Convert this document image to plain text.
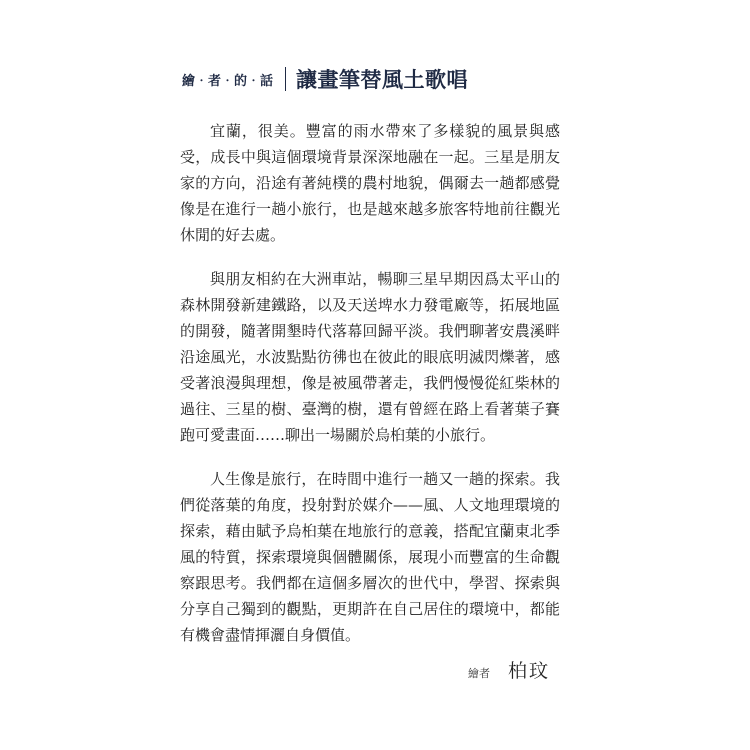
繪‧者‧的‧話 讓畫筆替風土歌唱

宜蘭，很美。豐富的雨水帶來了多樣貌的風景與感受，成長中與這個環境背景深深地融在一起。三星是朋友家的方向，沿途有著純樸的農村地貌，偶爾去一趟都感覺像是在進行一趟小旅行，也是越來越多旅客特地前往觀光休閒的好去處。

與朋友相約在大洲車站，暢聊三星早期因爲太平山的森林開發新建鐵路，以及天送埤水力發電廠等，拓展地區的開發，隨著開墾時代落幕回歸平淡。我們聊著安農溪畔沿途風光，水波點點彷彿也在彼此的眼底明滅閃爍著，感受著浪漫與理想，像是被風帶著走，我們慢慢從紅柴林的過往、三星的樹、臺灣的樹，還有曾經在路上看著葉子賽跑可愛畫面……聊出一場關於烏桕葉的小旅行。

人生像是旅行，在時間中進行一趟又一趟的探索。我們從落葉的角度，投射對於媒介——風、人文地理環境的探索，藉由賦予烏桕葉在地旅行的意義，搭配宜蘭東北季風的特質，探索環境與個體關係，展現小而豐富的生命觀察跟思考。我們都在這個多層次的世代中，學習、探索與分享自己獨到的觀點，更期許在自己居住的環境中，都能有機會盡情揮灑自身價值。

繪者 柏玟
